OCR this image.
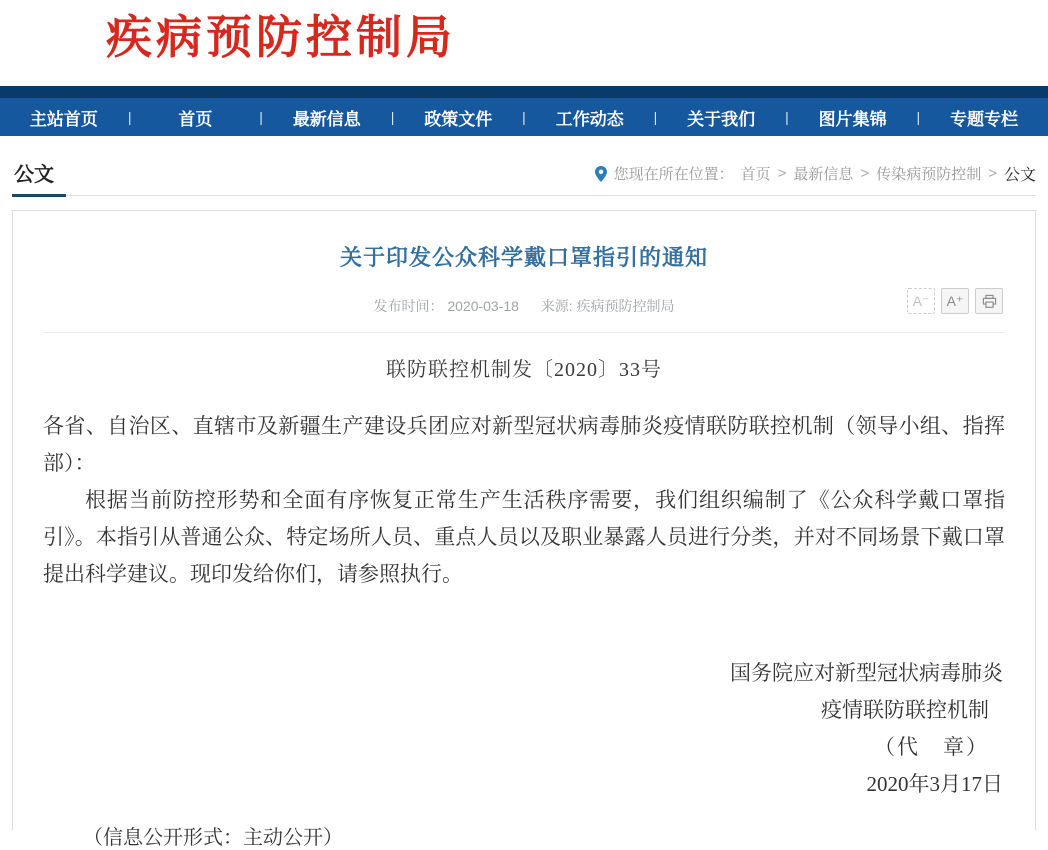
疾病预防控制局
主站首页	|	首页	|	最新信息	|	政策文件	|	工作动态	|	关于我们	|	图片集锦	|	专题专栏
公文	您现在所在位置： 首页 > 最新信息 > 传染病预防控制 > 公文
关于印发公众科学戴口罩指引的通知
发布时间： 2020-03-18 来源: 疾病预防控制局	A⁻	A⁺
联防联控机制发〔2020〕33号

各省、自治区、直辖市及新疆生产建设兵团应对新型冠状病毒肺炎疫情联防联控机制（领导小组、指挥部）：

根据当前防控形势和全面有序恢复正常生产生活秩序需要，我们组织编制了《公众科学戴口罩指引》。本指引从普通公众、特定场所人员、重点人员以及职业暴露人员进行分类，并对不同场景下戴口罩提出科学建议。现印发给你们，请参照执行。

国务院应对新型冠状病毒肺炎
疫情联防联控机制
（代　章）
2020年3月17日
（信息公开形式：主动公开）
